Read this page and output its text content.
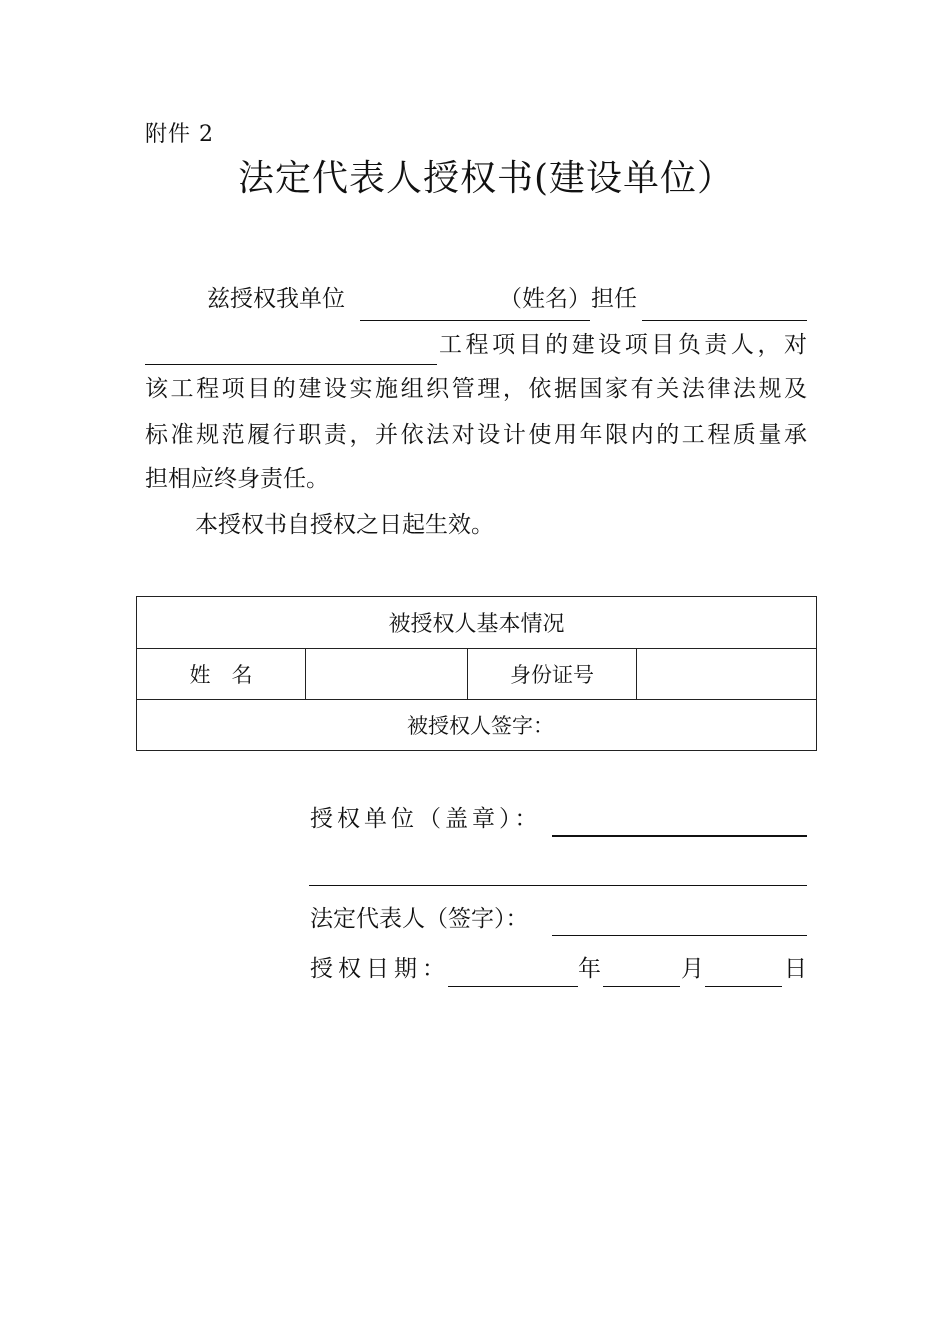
附件 2
法定代表人授权书(建设单位）
兹授权我单位	（姓名）担任
工程项目的建设项目负责人，对
该工程项目的建设实施组织管理，依据国家有关法律法规及
标准规范履行职责，并依法对设计使用年限内的工程质量承
担相应终身责任。
本授权书自授权之日起生效。
被授权人基本情况
姓　名		身份证号	
被授权人签字：
授权单位（盖章）：
法定代表人（签字）：
授权日期：	年	月	日
